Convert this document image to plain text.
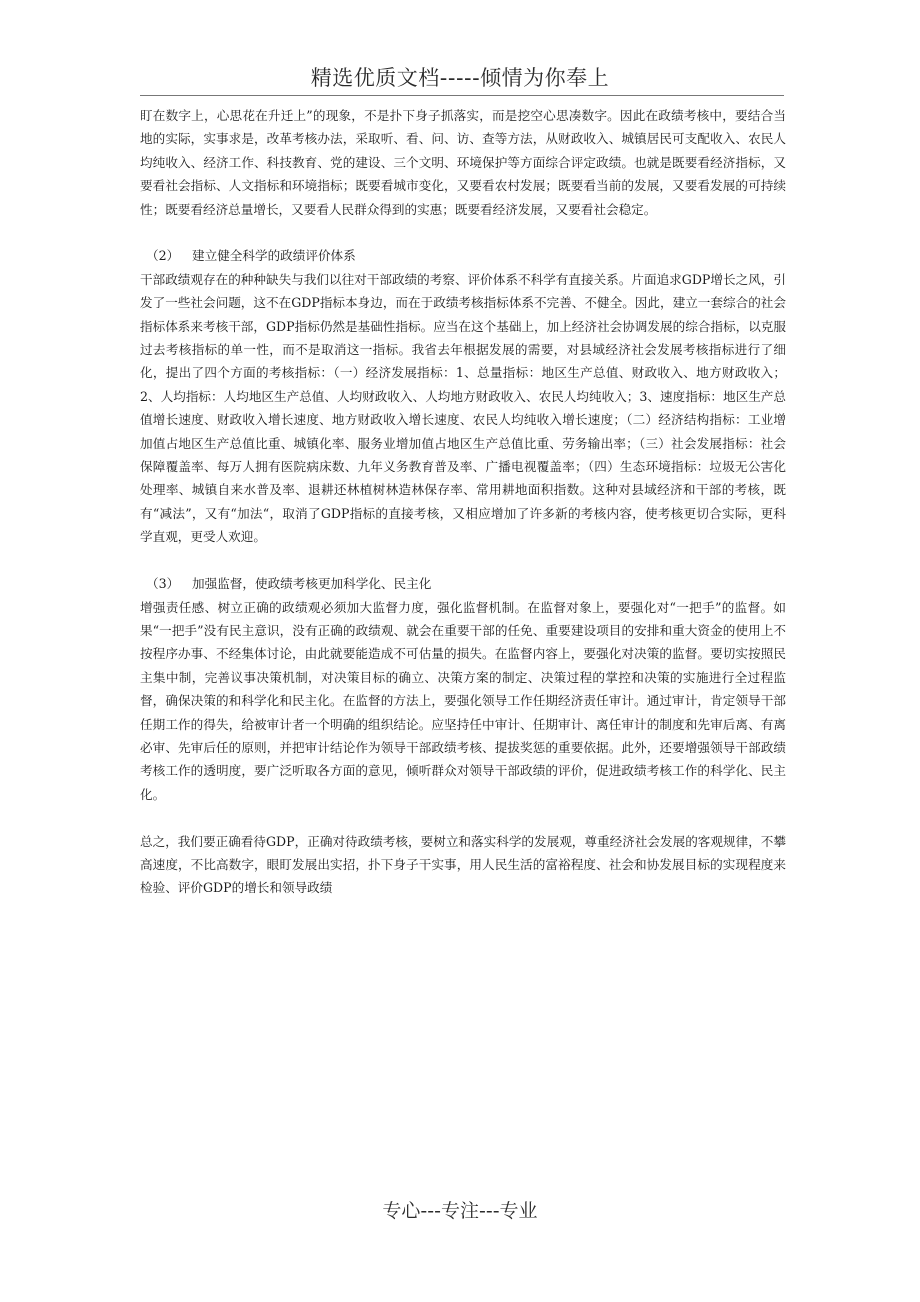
精选优质文档-----倾情为你奉上

盯在数字上，心思花在升迁上”的现象，不是扑下身子抓落实，而是挖空心思凑数字。因此在政绩考核中，要结合当地的实际，实事求是，改革考核办法，采取听、看、问、访、查等方法，从财政收入、城镇居民可支配收入、农民人均纯收入、经济工作、科技教育、党的建设、三个文明、环境保护等方面综合评定政绩。也就是既要看经济指标，又要看社会指标、人文指标和环境指标；既要看城市变化，又要看农村发展；既要看当前的发展，又要看发展的可持续性；既要看经济总量增长，又要看人民群众得到的实惠；既要看经济发展，又要看社会稳定。

（2） 建立健全科学的政绩评价体系

干部政绩观存在的种种缺失与我们以往对干部政绩的考察、评价体系不科学有直接关系。片面追求GDP增长之风，引发了一些社会问题，这不在GDP指标本身边，而在于政绩考核指标体系不完善、不健全。因此，建立一套综合的社会指标体系来考核干部，GDP指标仍然是基础性指标。应当在这个基础上，加上经济社会协调发展的综合指标，以克服过去考核指标的单一性，而不是取消这一指标。我省去年根据发展的需要，对县域经济社会发展考核指标进行了细化，提出了四个方面的考核指标：（一）经济发展指标：1、总量指标：地区生产总值、财政收入、地方财政收入；2、人均指标：人均地区生产总值、人均财政收入、人均地方财政收入、农民人均纯收入；3、速度指标：地区生产总值增长速度、财政收入增长速度、地方财政收入增长速度、农民人均纯收入增长速度；（二）经济结构指标：工业增加值占地区生产总值比重、城镇化率、服务业增加值占地区生产总值比重、劳务输出率；（三）社会发展指标：社会保障覆盖率、每万人拥有医院病床数、九年义务教育普及率、广播电视覆盖率；（四）生态环境指标：垃圾无公害化处理率、城镇自来水普及率、退耕还林植树林造林保存率、常用耕地面积指数。这种对县域经济和干部的考核，既有“减法”，又有“加法“，取消了GDP指标的直接考核，又相应增加了许多新的考核内容，使考核更切合实际，更科学直观，更受人欢迎。

（3） 加强监督，使政绩考核更加科学化、民主化

增强责任感、树立正确的政绩观必须加大监督力度，强化监督机制。在监督对象上，要强化对“一把手”的监督。如果“一把手”没有民主意识，没有正确的政绩观、就会在重要干部的任免、重要建设项目的安排和重大资金的使用上不按程序办事、不经集体讨论，由此就要能造成不可估量的损失。在监督内容上，要强化对决策的监督。要切实按照民主集中制，完善议事决策机制，对决策目标的确立、决策方案的制定、决策过程的掌控和决策的实施进行全过程监督，确保决策的和科学化和民主化。在监督的方法上，要强化领导工作任期经济责任审计。通过审计，肯定领导干部任期工作的得失，给被审计者一个明确的组织结论。应坚持任中审计、任期审计、离任审计的制度和先审后离、有离必审、先审后任的原则，并把审计结论作为领导干部政绩考核、提拔奖惩的重要依据。此外，还要增强领导干部政绩考核工作的透明度，要广泛听取各方面的意见，倾听群众对领导干部政绩的评价，促进政绩考核工作的科学化、民主化。

总之，我们要正确看待GDP，正确对待政绩考核，要树立和落实科学的发展观，尊重经济社会发展的客观规律，不攀高速度，不比高数字，眼盯发展出实招，扑下身子干实事，用人民生活的富裕程度、社会和协发展目标的实现程度来检验、评价GDP的增长和领导政绩

专心---专注---专业
